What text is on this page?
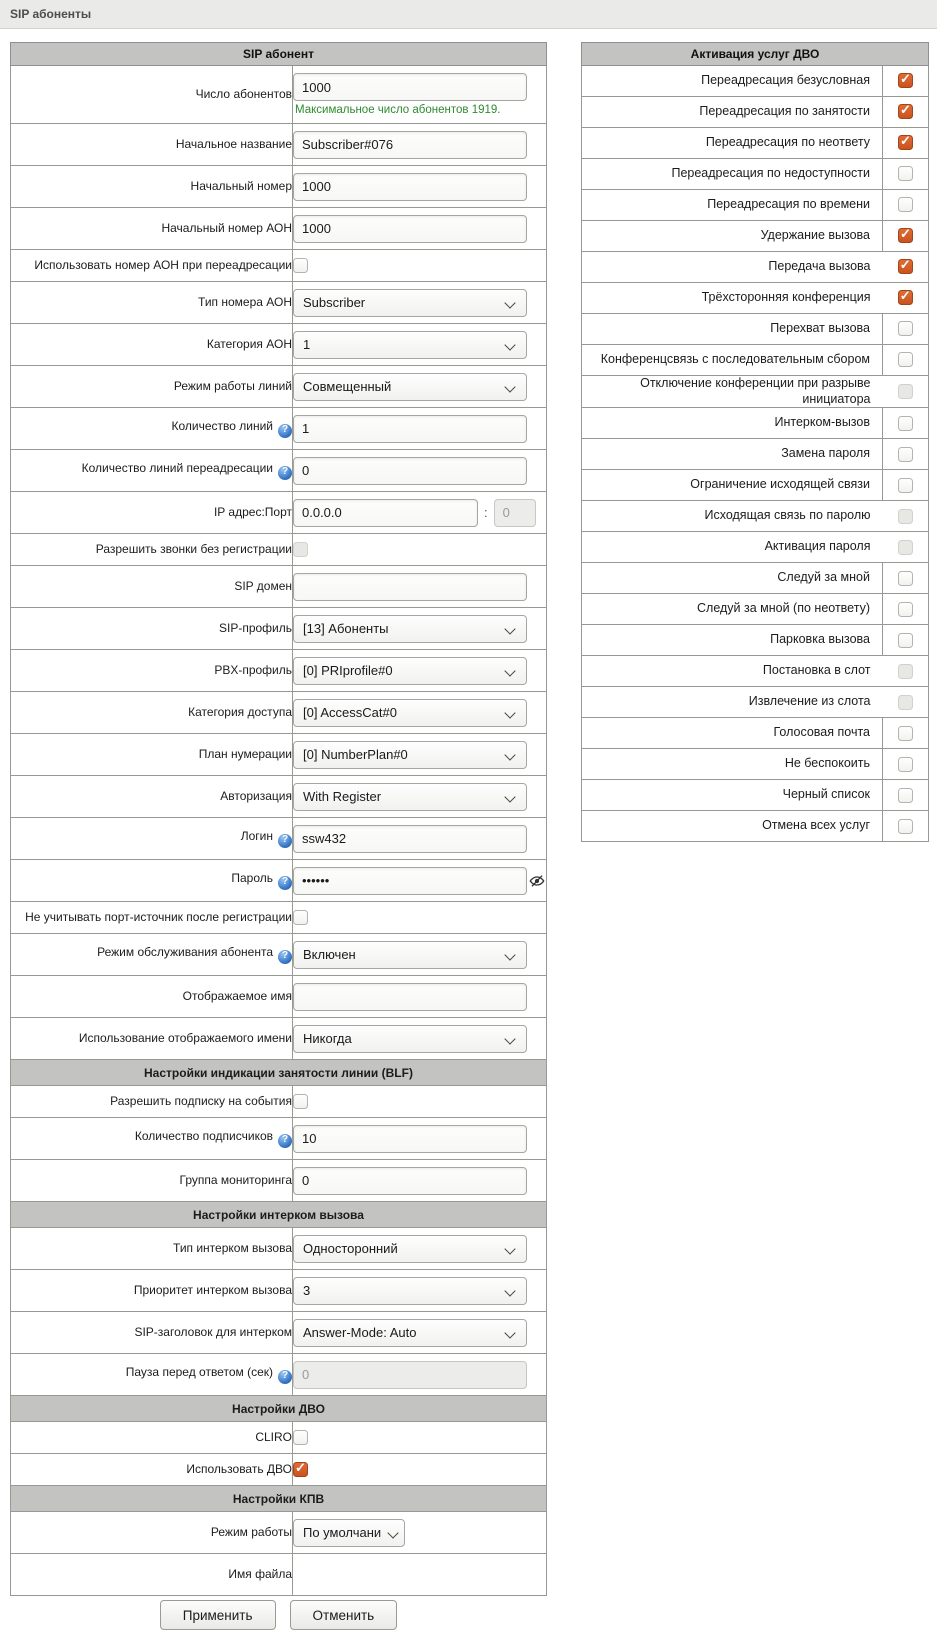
SIP абоненты
SIP абонент	
Число абонентов	1000
Максимальное число абонентов 1919.

Начальное название	Subscriber#076
Начальный номер	1000
Начальный номер АОН	1000
Использовать номер АОН при переадресации	
Тип номера АОН	Subscriber

Категория АОН	1

Режим работы линий	Совмещенный

Количество линий ?	1
Количество линий переадресации ?	0
IP адрес:Порт	0.0.0.0:0
Разрешить звонки без регистрации	
SIP домен	
SIP-профиль	[13] Абоненты

PBX-профиль	[0] PRIprofile#0

Категория доступа	[0] AccessCat#0

План нумерации	[0] NumberPlan#0

Авторизация	With Register

Логин ?	ssw432
Пароль ?	••••••

Не учитывать порт-источник после регистрации	
Режим обслуживания абонента ?	Включен

Отображаемое имя	
Использование отображаемого имени	Никогда

Настройки индикации занятости линии (BLF)	
Разрешить подписку на события	
Количество подписчиков ?	10
Группа мониторинга	0
Настройки интерком вызова	
Тип интерком вызова	Односторонний

Приоритет интерком вызова	3

SIP-заголовок для интерком	Answer-Mode: Auto

Пауза перед ответом (сек) ?	0
Настройки ДВО	
CLIRO	
Использовать ДВО	✓

Настройки КПВ	
Режим работы	По умолчани

Имя файла	
Активация услуг ДВО	
Переадресация безусловная	✓

Переадресация по занятости	✓

Переадресация по неответу	✓

Переадресация по недоступности	
Переадресация по времени	
Удержание вызова	✓

Передача вызова	✓

Трёхсторонняя конференция	✓

Перехват вызова	
Конференцсвязь с последовательным сбором	
Отключение конференции при разрыве инициатора	
Интерком-вызов	
Замена пароля	
Ограничение исходящей связи	
Исходящая связь по паролю	
Активация пароля	
Следуй за мной	
Следуй за мной (по неответу)	
Парковка вызова	
Постановка в слот	
Извлечение из слота	
Голосовая почта	
Не беспокоить	
Черный список	
Отмена всех услуг	
Применить	Отменить
